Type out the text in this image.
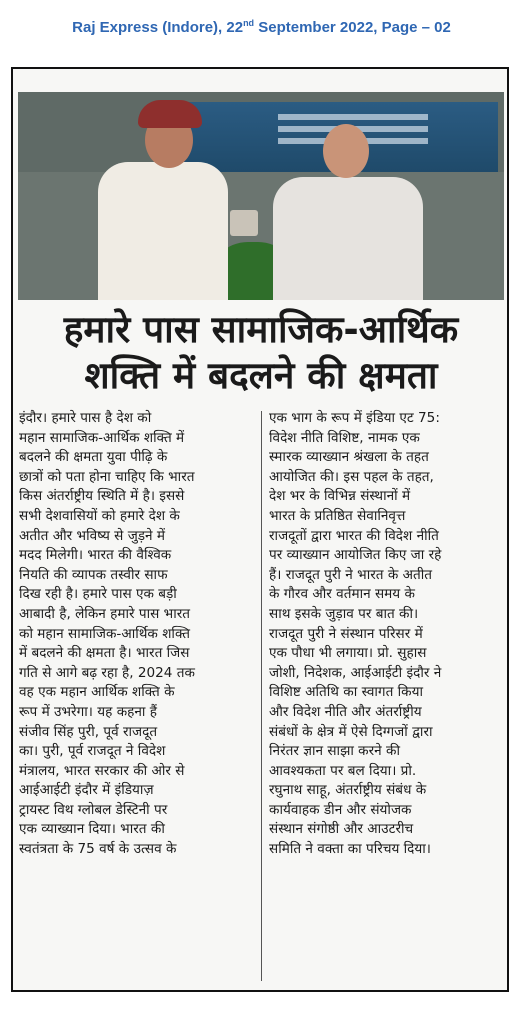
Raj Express (Indore), 22nd September 2022, Page – 02
हमारे पास सामाजिक-आर्थिक
शक्ति में बदलने की क्षमता
इंदौर। हमारे पास है देश को
महान सामाजिक-आर्थिक शक्ति में
बदलने की क्षमता युवा पीढ़ि के
छात्रों को पता होना चाहिए कि भारत
किस अंतर्राष्ट्रीय स्थिति में है। इससे
सभी देशवासियों को हमारे देश के
अतीत और भविष्य से जुड़ने में
मदद मिलेगी। भारत की वैश्विक
नियति की व्यापक तस्वीर साफ
दिख रही है। हमारे पास एक बड़ी
आबादी है, लेकिन हमारे पास भारत
को महान सामाजिक-आर्थिक शक्ति
में बदलने की क्षमता है। भारत जिस
गति से आगे बढ़ रहा है, 2024 तक
वह एक महान आर्थिक शक्ति के
रूप में उभरेगा। यह कहना हैं
संजीव सिंह पुरी, पूर्व राजदूत
का। पुरी, पूर्व राजदूत ने विदेश
मंत्रालय, भारत सरकार की ओर से
आईआईटी इंदौर में इंडियाज़
ट्रायस्ट विथ ग्लोबल डेस्टिनी पर
एक व्याख्यान दिया। भारत की
स्वतंत्रता के 75 वर्ष के उत्सव के
एक भाग के रूप में इंडिया एट 75:
विदेश नीति विशिष्ट, नामक एक
स्मारक व्याख्यान श्रंखला के तहत
आयोजित की। इस पहल के तहत,
देश भर के विभिन्न संस्थानों में
भारत के प्रतिष्ठित सेवानिवृत्त
राजदूतों द्वारा भारत की विदेश नीति
पर व्याख्यान आयोजित किए जा रहे
हैं। राजदूत पुरी ने भारत के अतीत
के गौरव और वर्तमान समय के
साथ इसके जुड़ाव पर बात की।
राजदूत पुरी ने संस्थान परिसर में
एक पौधा भी लगाया। प्रो. सुहास
जोशी, निदेशक, आईआईटी इंदौर ने
विशिष्ट अतिथि का स्वागत किया
और विदेश नीति और अंतर्राष्ट्रीय
संबंधों के क्षेत्र में ऐसे दिग्गजों द्वारा
निरंतर ज्ञान साझा करने की
आवश्यकता पर बल दिया। प्रो.
रघुनाथ साहू, अंतर्राष्ट्रीय संबंध के
कार्यवाहक डीन और संयोजक
संस्थान संगोष्ठी और आउटरीच
समिति ने वक्ता का परिचय दिया।
